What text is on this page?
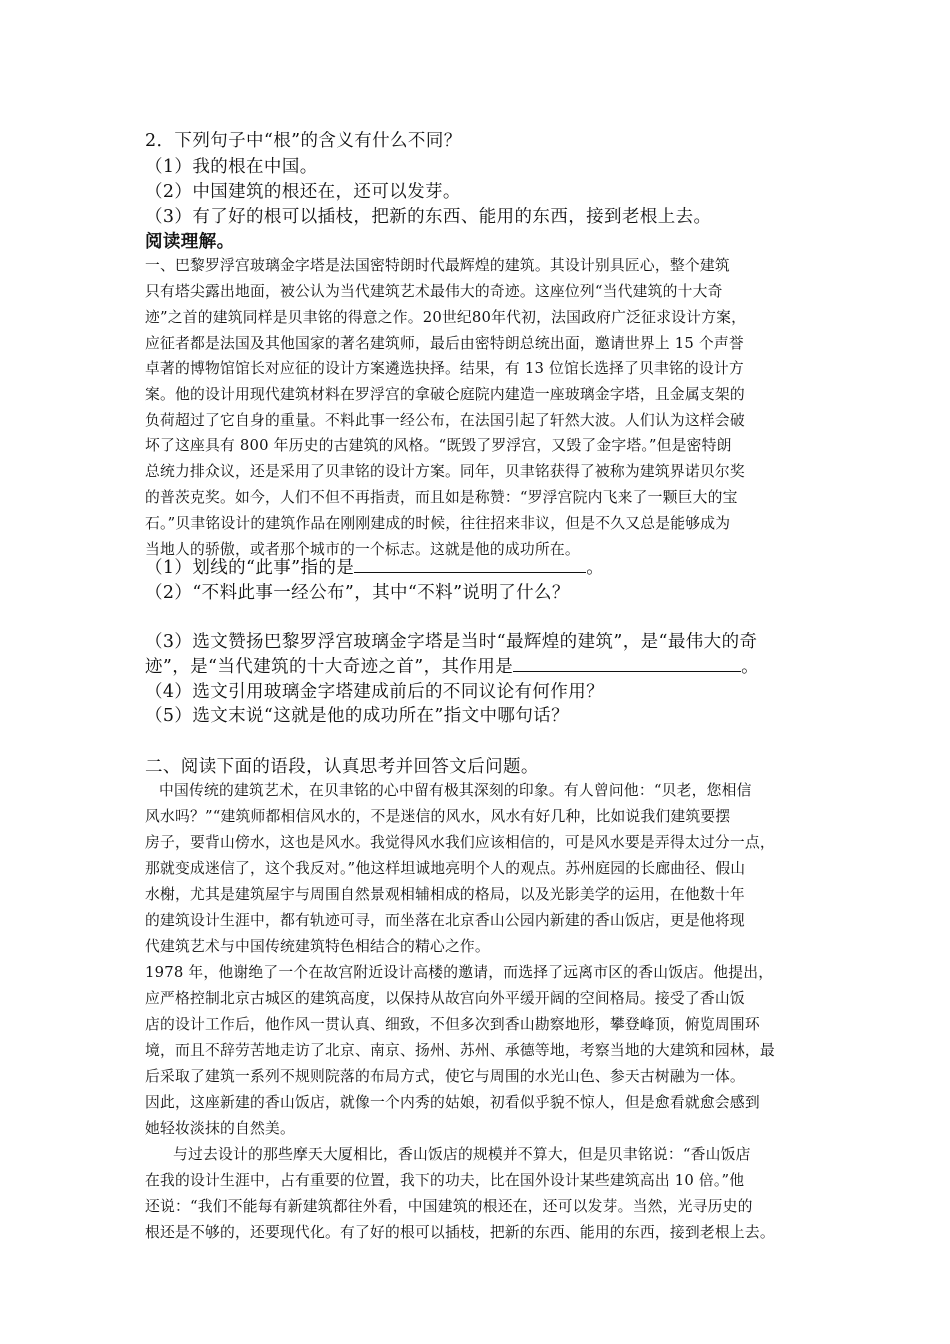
2．下列句子中“根”的含义有什么不同？
（1）我的根在中国。
（2）中国建筑的根还在，还可以发芽。
（3）有了好的根可以插枝，把新的东西、能用的东西，接到老根上去。
阅读理解。
一、巴黎罗浮宫玻璃金字塔是法国密特朗时代最辉煌的建筑。其设计别具匠心，整个建筑
只有塔尖露出地面，被公认为当代建筑艺术最伟大的奇迹。这座位列“当代建筑的十大奇
迹”之首的建筑同样是贝聿铭的得意之作。20世纪80年代初，法国政府广泛征求设计方案，
应征者都是法国及其他国家的著名建筑师，最后由密特朗总统出面，邀请世界上 15 个声誉
卓著的博物馆馆长对应征的设计方案遴选抉择。结果，有 13 位馆长选择了贝聿铭的设计方
案。他的设计用现代建筑材料在罗浮宫的拿破仑庭院内建造一座玻璃金字塔，且金属支架的
负荷超过了它自身的重量。不料此事一经公布，在法国引起了轩然大波。人们认为这样会破
坏了这座具有 800 年历史的古建筑的风格。“既毁了罗浮宫，又毁了金字塔。”但是密特朗
总统力排众议，还是采用了贝聿铭的设计方案。同年，贝聿铭获得了被称为建筑界诺贝尔奖
的普茨克奖。如今，人们不但不再指责，而且如是称赞：“罗浮宫院内飞来了一颗巨大的宝
石。”贝聿铭设计的建筑作品在刚刚建成的时候，往往招来非议，但是不久又总是能够成为
当地人的骄傲，或者那个城市的一个标志。这就是他的成功所在。
（1）划线的“此事”指的是	。
（2）“不料此事一经公布”，其中“不料”说明了什么？
（3）选文赞扬巴黎罗浮宫玻璃金字塔是当时“最辉煌的建筑”，是“最伟大的奇
迹”，是“当代建筑的十大奇迹之首”，其作用是	。
（4）选文引用玻璃金字塔建成前后的不同议论有何作用？
（5）选文末说“这就是他的成功所在”指文中哪句话？
二、阅读下面的语段，认真思考并回答文后问题。
中国传统的建筑艺术，在贝聿铭的心中留有极其深刻的印象。有人曾问他：“贝老，您相信
风水吗？”“建筑师都相信风水的，不是迷信的风水，风水有好几种，比如说我们建筑要摆
房子，要背山傍水，这也是风水。我觉得风水我们应该相信的，可是风水要是弄得太过分一点，
那就变成迷信了，这个我反对。”他这样坦诚地亮明个人的观点。苏州庭园的长廊曲径、假山
水榭，尤其是建筑屋宇与周围自然景观相辅相成的格局，以及光影美学的运用，在他数十年
的建筑设计生涯中，都有轨迹可寻，而坐落在北京香山公园内新建的香山饭店，更是他将现
代建筑艺术与中国传统建筑特色相结合的精心之作。
1978 年，他谢绝了一个在故宫附近设计高楼的邀请，而选择了远离市区的香山饭店。他提出，
应严格控制北京古城区的建筑高度，以保持从故宫向外平缓开阔的空间格局。接受了香山饭
店的设计工作后，他作风一贯认真、细致，不但多次到香山勘察地形，攀登峰顶，俯览周围环
境，而且不辞劳苦地走访了北京、南京、扬州、苏州、承德等地，考察当地的大建筑和园林，最
后采取了建筑一系列不规则院落的布局方式，使它与周围的水光山色、参天古树融为一体。
因此，这座新建的香山饭店，就像一个内秀的姑娘，初看似乎貌不惊人，但是愈看就愈会感到
她轻妆淡抹的自然美。
与过去设计的那些摩天大厦相比，香山饭店的规模并不算大，但是贝聿铭说：“香山饭店
在我的设计生涯中，占有重要的位置，我下的功夫，比在国外设计某些建筑高出 10 倍。”他
还说：“我们不能每有新建筑都往外看，中国建筑的根还在，还可以发芽。当然，光寻历史的
根还是不够的，还要现代化。有了好的根可以插枝，把新的东西、能用的东西，接到老根上去。
